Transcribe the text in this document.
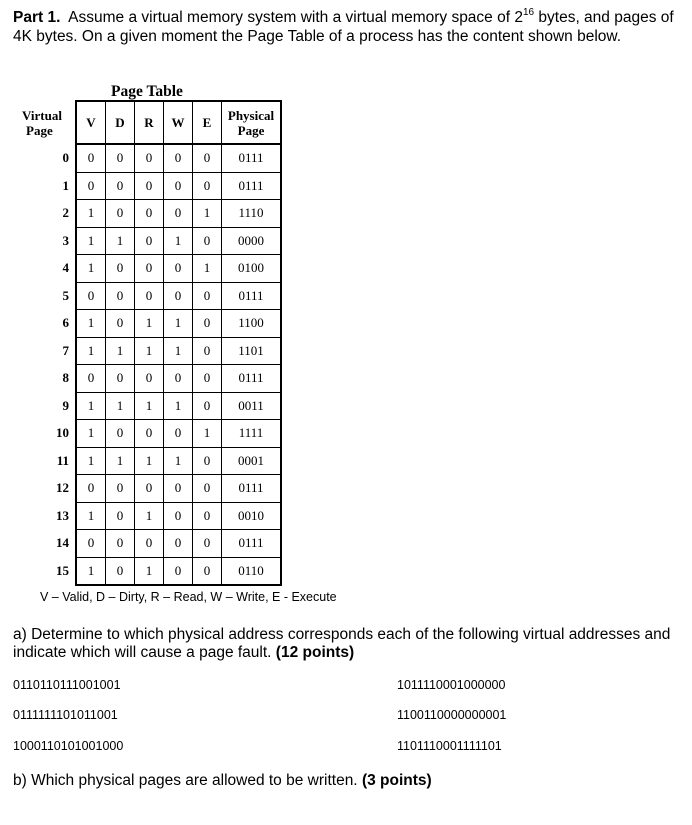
Part 1. Assume a virtual memory system with a virtual memory space of $2^{16}$ bytes, and pages of 4K bytes. On a given moment the Page Table of a process has the content shown below.
Page Table
Virtual
Page	V	D	R	W	E	Physical
Page
0	0	0	0	0	0	0111
1	0	0	0	0	0	0111
2	1	0	0	0	1	1110
3	1	1	0	1	0	0000
4	1	0	0	0	1	0100
5	0	0	0	0	0	0111
6	1	0	1	1	0	1100
7	1	1	1	1	0	1101
8	0	0	0	0	0	0111
9	1	1	1	1	0	0011
10	1	0	0	0	1	1111
11	1	1	1	1	0	0001
12	0	0	0	0	0	0111
13	1	0	1	0	0	0010
14	0	0	0	0	0	0111
15	1	0	1	0	0	0110
V – Valid, D – Dirty, R – Read, W – Write, E - Execute
a) Determine to which physical address corresponds each of the following virtual addresses and indicate which will cause a page fault. (12 points)
0110110111001001	1011110001000000
0111111101011001	1100110000000001
1000110101001000	1101110001111101
b) Which physical pages are allowed to be written. (3 points)
